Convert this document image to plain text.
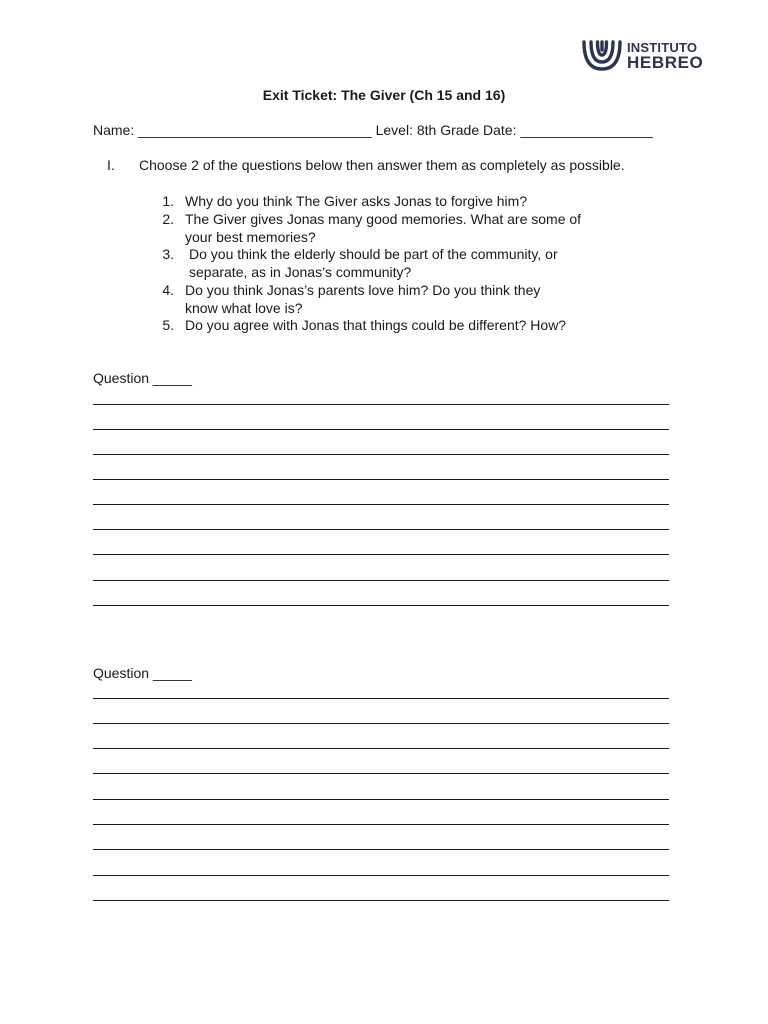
INSTITUTO
HEBREO
Exit Ticket: The Giver (Ch 15 and 16)
Name: ______________________________ Level: 8th Grade Date: _________________
I. Choose 2 of the questions below then answer them as completely as possible.
1. Why do you think The Giver asks Jonas to forgive him?
2. The Giver gives Jonas many good memories. What are some of
your best memories?
3. Do you think the elderly should be part of the community, or
separate, as in Jonas’s community?
4. Do you think Jonas’s parents love him? Do you think they
know what love is?
5. Do you agree with Jonas that things could be different? How?
Question _____
Question _____
